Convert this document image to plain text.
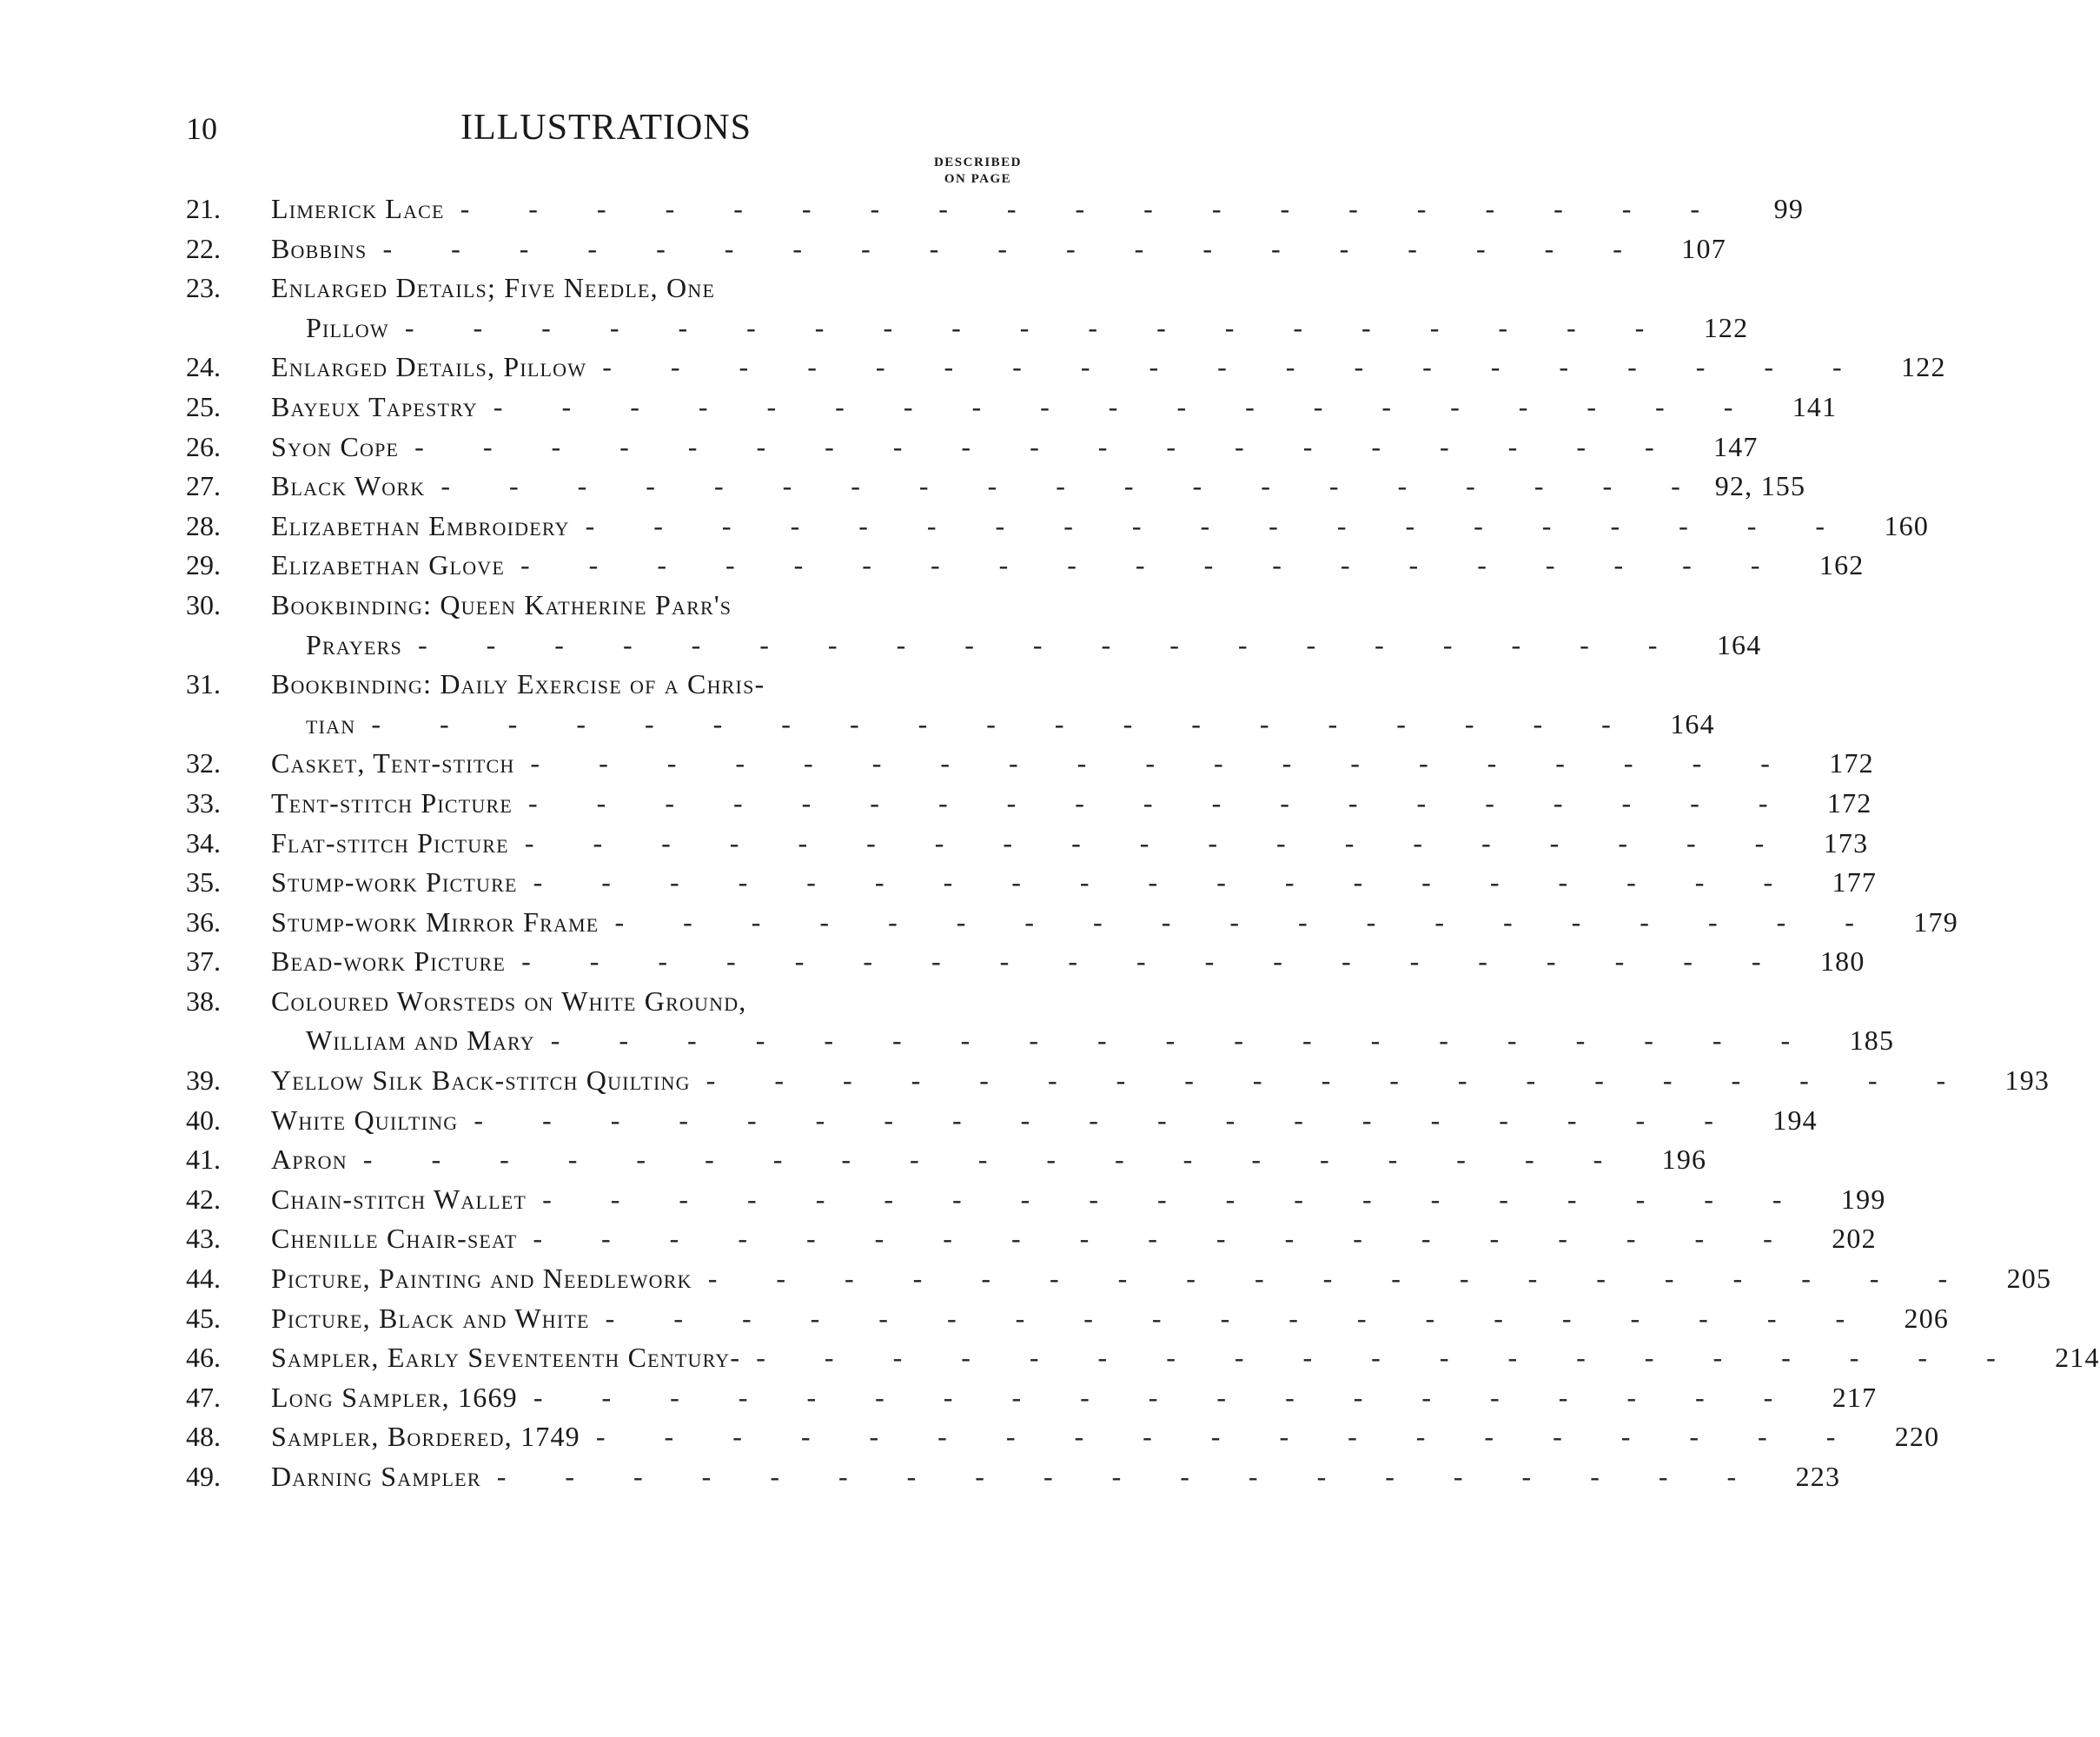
10	ILLUSTRATIONS
DESCRIBED
ON PAGE
21.	Limerick Lace - - - - - - - - - - - - - - - - - - -	99
22.	Bobbins - - - - - - - - - - - - - - - - - - -	107
23.	Enlarged Details; Five Needle, One
Pillow - - - - - - - - - - - - - - - - - - -	122
24.	Enlarged Details, Pillow - - - - - - - - - - - - - - - - - - -	122
25.	Bayeux Tapestry - - - - - - - - - - - - - - - - - - -	141
26.	Syon Cope - - - - - - - - - - - - - - - - - - -	147
27.	Black Work - - - - - - - - - - - - - - - - - - - 92, 155
28.	Elizabethan Embroidery - - - - - - - - - - - - - - - - - - -	160
29.	Elizabethan Glove - - - - - - - - - - - - - - - - - - -	162
30.	Bookbinding: Queen Katherine Parr's
Prayers - - - - - - - - - - - - - - - - - - -	164
31.	Bookbinding: Daily Exercise of a Chris-
tian - - - - - - - - - - - - - - - - - - -	164
32.	Casket, Tent-stitch - - - - - - - - - - - - - - - - - - -	172
33.	Tent-stitch Picture - - - - - - - - - - - - - - - - - - -	172
34.	Flat-stitch Picture - - - - - - - - - - - - - - - - - - -	173
35.	Stump-work Picture - - - - - - - - - - - - - - - - - - -	177
36.	Stump-work Mirror Frame - - - - - - - - - - - - - - - - - - -	179
37.	Bead-work Picture - - - - - - - - - - - - - - - - - - -	180
38.	Coloured Worsteds on White Ground,
William and Mary - - - - - - - - - - - - - - - - - - -	185
39.	Yellow Silk Back-stitch Quilting - - - - - - - - - - - - - - - - - - -	193
40.	White Quilting - - - - - - - - - - - - - - - - - - -	194
41.	Apron - - - - - - - - - - - - - - - - - - -	196
42.	Chain-stitch Wallet - - - - - - - - - - - - - - - - - - -	199
43.	Chenille Chair-seat - - - - - - - - - - - - - - - - - - -	202
44.	Picture, Painting and Needlework - - - - - - - - - - - - - - - - - - -	205
45.	Picture, Black and White - - - - - - - - - - - - - - - - - - -	206
46.	Sampler, Early Seventeenth Century- - - - - - - - - - - - - - - - - - - -	214
47.	Long Sampler, 1669 - - - - - - - - - - - - - - - - - - -	217
48.	Sampler, Bordered, 1749 - - - - - - - - - - - - - - - - - - -	220
49.	Darning Sampler - - - - - - - - - - - - - - - - - - -	223
